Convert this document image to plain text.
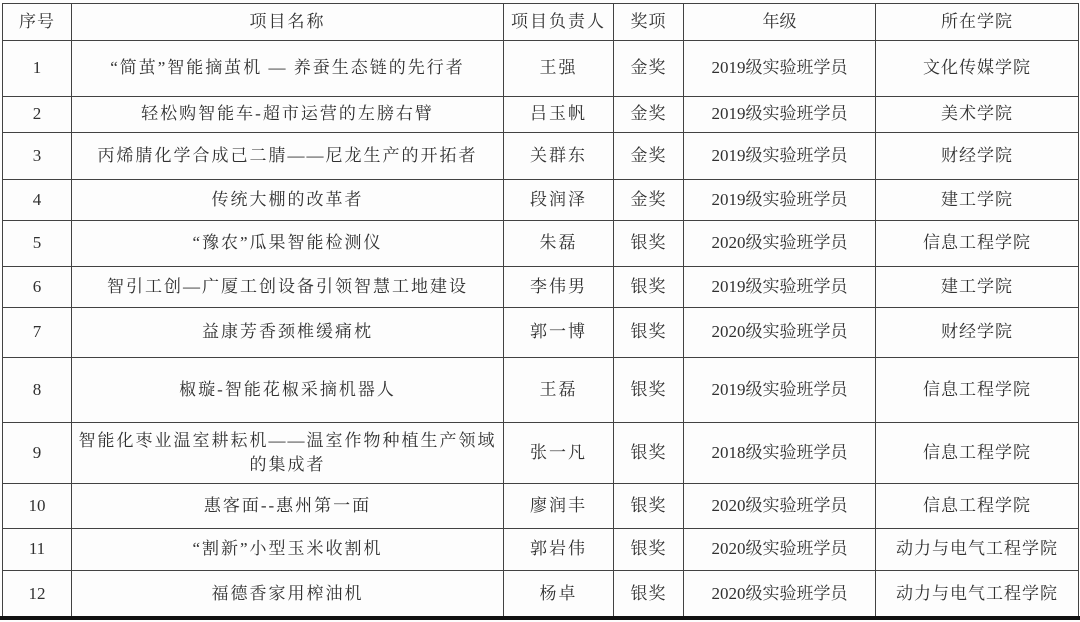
序号	项目名称	项目负责人	奖项	年级	所在学院
1	“简茧”智能摘茧机 — 养蚕生态链的先行者	王强	金奖	2019级实验班学员	文化传媒学院
2	轻松购智能车-超市运营的左膀右臂	吕玉帆	金奖	2019级实验班学员	美术学院
3	丙烯腈化学合成己二腈——尼龙生产的开拓者	关群东	金奖	2019级实验班学员	财经学院
4	传统大棚的改革者	段润泽	金奖	2019级实验班学员	建工学院
5	“豫农”瓜果智能检测仪	朱磊	银奖	2020级实验班学员	信息工程学院
6	智引工创—广厦工创设备引领智慧工地建设	李伟男	银奖	2019级实验班学员	建工学院
7	益康芳香颈椎缓痛枕	郭一博	银奖	2020级实验班学员	财经学院
8	椒璇-智能花椒采摘机器人	王磊	银奖	2019级实验班学员	信息工程学院
9	智能化枣业温室耕耘机——温室作物种植生产领域的集成者	张一凡	银奖	2018级实验班学员	信息工程学院
10	惠客面--惠州第一面	廖润丰	银奖	2020级实验班学员	信息工程学院
11	“割新”小型玉米收割机	郭岩伟	银奖	2020级实验班学员	动力与电气工程学院
12	福德香家用榨油机	杨卓	银奖	2020级实验班学员	动力与电气工程学院
